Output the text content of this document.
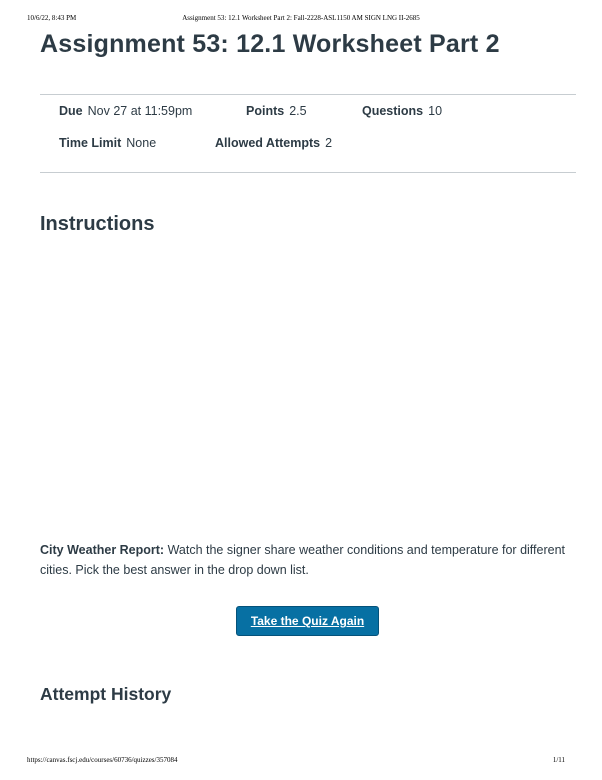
10/6/22, 8:43 PM	Assignment 53: 12.1 Worksheet Part 2: Fall-2228-ASL1150 AM SIGN LNG II-2685
Assignment 53: 12.1 Worksheet Part 2
Due Nov 27 at 11:59pm	Points 2.5	Questions 10
Time Limit None	Allowed Attempts 2
Instructions

City Weather Report: Watch the signer share weather conditions and temperature for different cities. Pick the best answer in the drop down list.

Take the Quiz Again
Attempt History
https://canvas.fscj.edu/courses/60736/quizzes/357084	1/11
